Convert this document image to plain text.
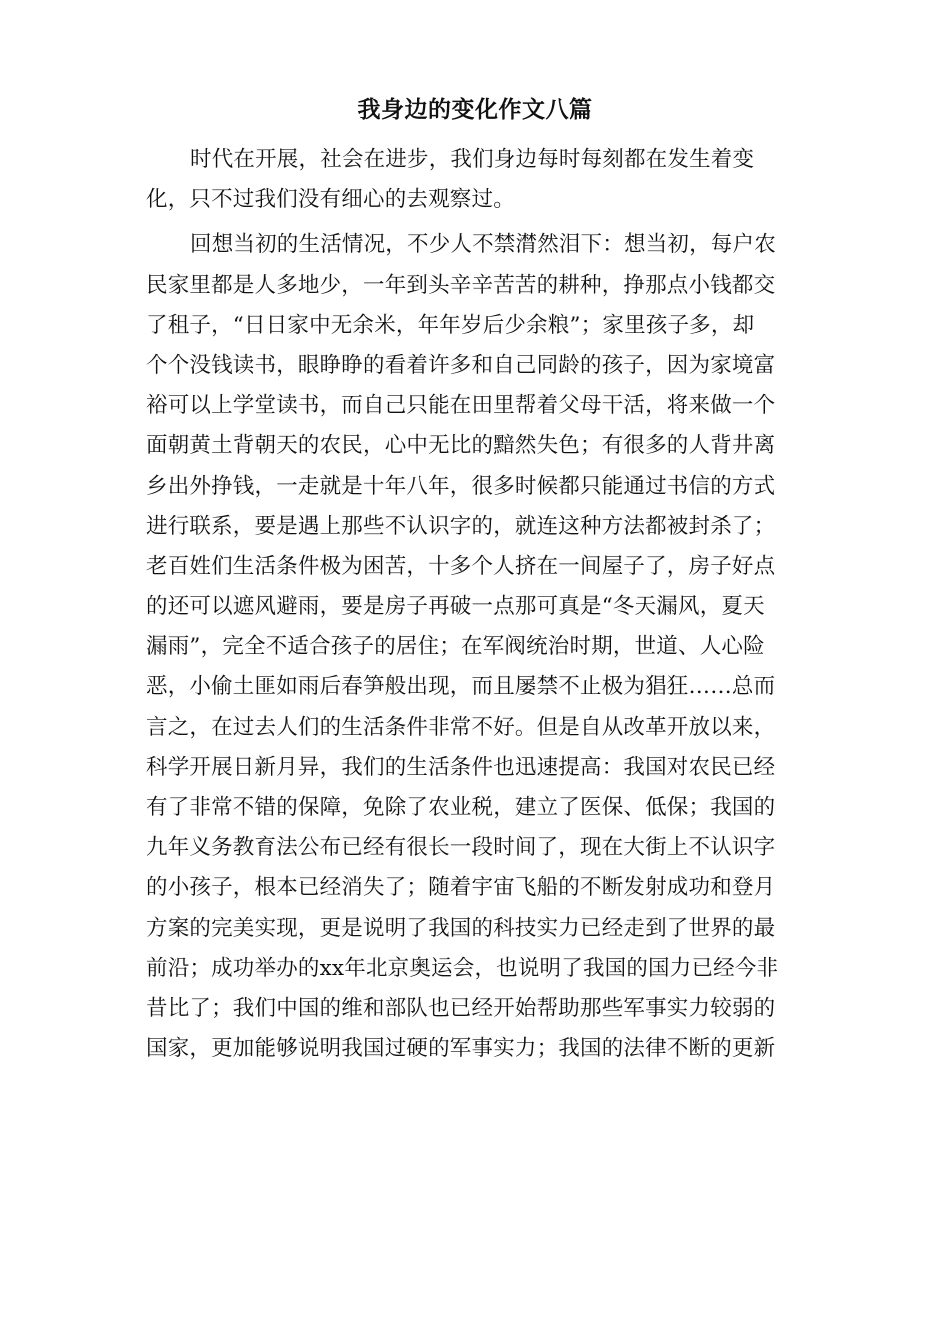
我身边的变化作文八篇
时代在开展，社会在进步，我们身边每时每刻都在发生着变
化，只不过我们没有细心的去观察过。
回想当初的生活情况，不少人不禁潸然泪下：想当初，每户农
民家里都是人多地少，一年到头辛辛苦苦的耕种，挣那点小钱都交
了租子，“日日家中无余米，年年岁后少余粮”；家里孩子多，却
个个没钱读书，眼睁睁的看着许多和自己同龄的孩子，因为家境富
裕可以上学堂读书，而自己只能在田里帮着父母干活，将来做一个
面朝黄土背朝天的农民，心中无比的黯然失色；有很多的人背井离
乡出外挣钱，一走就是十年八年，很多时候都只能通过书信的方式
进行联系，要是遇上那些不认识字的，就连这种方法都被封杀了；
老百姓们生活条件极为困苦，十多个人挤在一间屋子了，房子好点
的还可以遮风避雨，要是房子再破一点那可真是“冬天漏风，夏天
漏雨”，完全不适合孩子的居住；在军阀统治时期，世道、人心险
恶，小偷土匪如雨后春笋般出现，而且屡禁不止极为猖狂……总而
言之，在过去人们的生活条件非常不好。但是自从改革开放以来，
科学开展日新月异，我们的生活条件也迅速提高：我国对农民已经
有了非常不错的保障，免除了农业税，建立了医保、低保；我国的
九年义务教育法公布已经有很长一段时间了，现在大街上不认识字
的小孩子，根本已经消失了；随着宇宙飞船的不断发射成功和登月
方案的完美实现，更是说明了我国的科技实力已经走到了世界的最
前沿；成功举办的xx年北京奥运会，也说明了我国的国力已经今非
昔比了；我们中国的维和部队也已经开始帮助那些军事实力较弱的
国家，更加能够说明我国过硬的军事实力；我国的法律不断的更新
